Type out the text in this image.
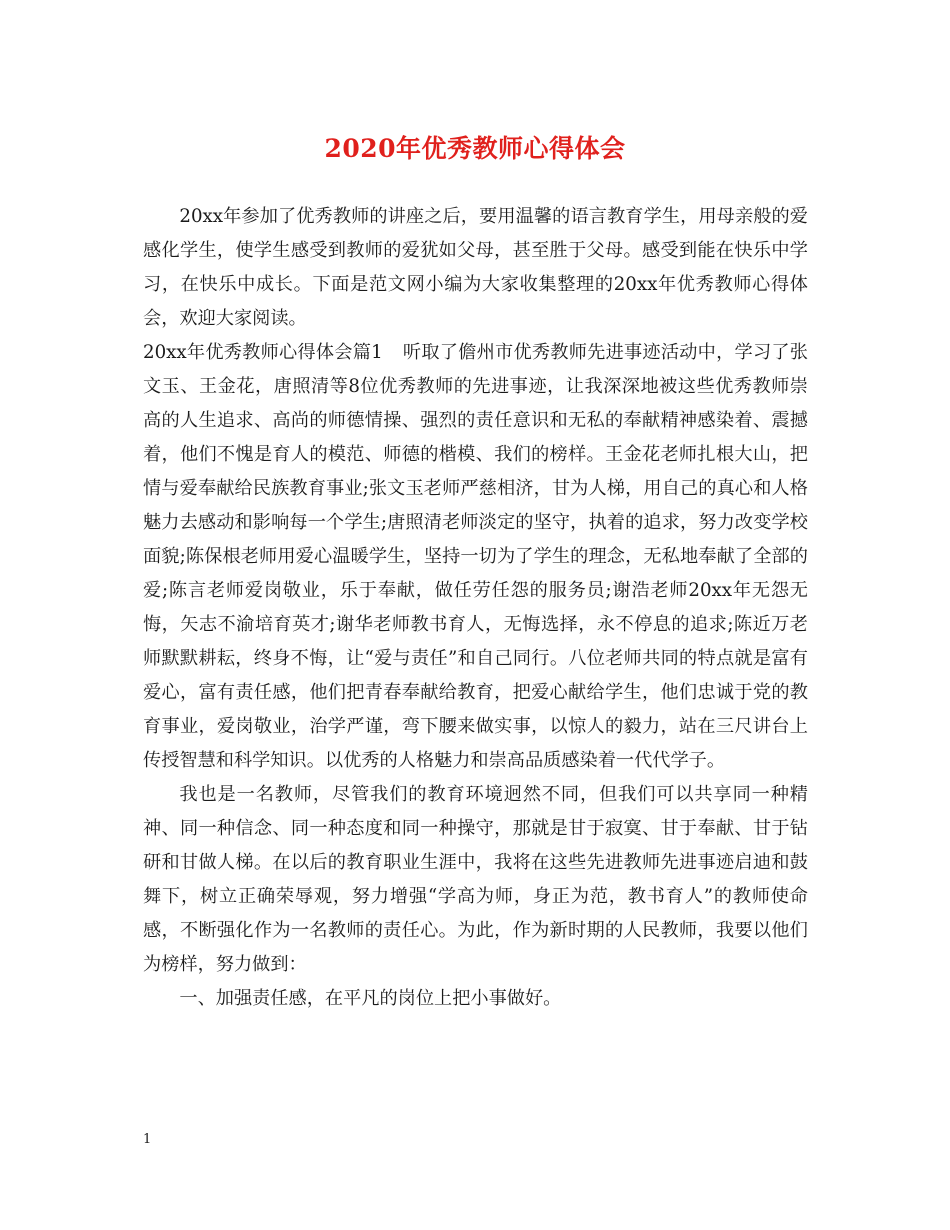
2020年优秀教师心得体会

20xx年参加了优秀教师的讲座之后，要用温馨的语言教育学生，用母亲般的爱感化学生，使学生感受到教师的爱犹如父母，甚至胜于父母。感受到能在快乐中学习，在快乐中成长。下面是范文网小编为大家收集整理的20xx年优秀教师心得体会，欢迎大家阅读。

20xx年优秀教师心得体会篇1 听取了儋州市优秀教师先进事迹活动中，学习了张文玉、王金花，唐照清等8位优秀教师的先进事迹，让我深深地被这些优秀教师崇高的人生追求、高尚的师德情操、强烈的责任意识和无私的奉献精神感染着、震撼着，他们不愧是育人的模范、师德的楷模、我们的榜样。王金花老师扎根大山，把情与爱奉献给民族教育事业;张文玉老师严慈相济，甘为人梯，用自己的真心和人格魅力去感动和影响每一个学生;唐照清老师淡定的坚守，执着的追求，努力改变学校面貌;陈保根老师用爱心温暖学生，坚持一切为了学生的理念，无私地奉献了全部的爱;陈言老师爱岗敬业，乐于奉献，做任劳任怨的服务员;谢浩老师20xx年无怨无悔，矢志不渝培育英才;谢华老师教书育人，无悔选择，永不停息的追求;陈近万老师默默耕耘，终身不悔，让“爱与责任”和自己同行。八位老师共同的特点就是富有爱心，富有责任感，他们把青春奉献给教育，把爱心献给学生，他们忠诚于党的教育事业，爱岗敬业，治学严谨，弯下腰来做实事，以惊人的毅力，站在三尺讲台上传授智慧和科学知识。以优秀的人格魅力和崇高品质感染着一代代学子。

我也是一名教师，尽管我们的教育环境迥然不同，但我们可以共享同一种精神、同一种信念、同一种态度和同一种操守，那就是甘于寂寞、甘于奉献、甘于钻研和甘做人梯。在以后的教育职业生涯中，我将在这些先进教师先进事迹启迪和鼓舞下，树立正确荣辱观，努力增强“学高为师，身正为范，教书育人”的教师使命感，不断强化作为一名教师的责任心。为此，作为新时期的人民教师，我要以他们为榜样，努力做到：

一、加强责任感，在平凡的岗位上把小事做好。

1
